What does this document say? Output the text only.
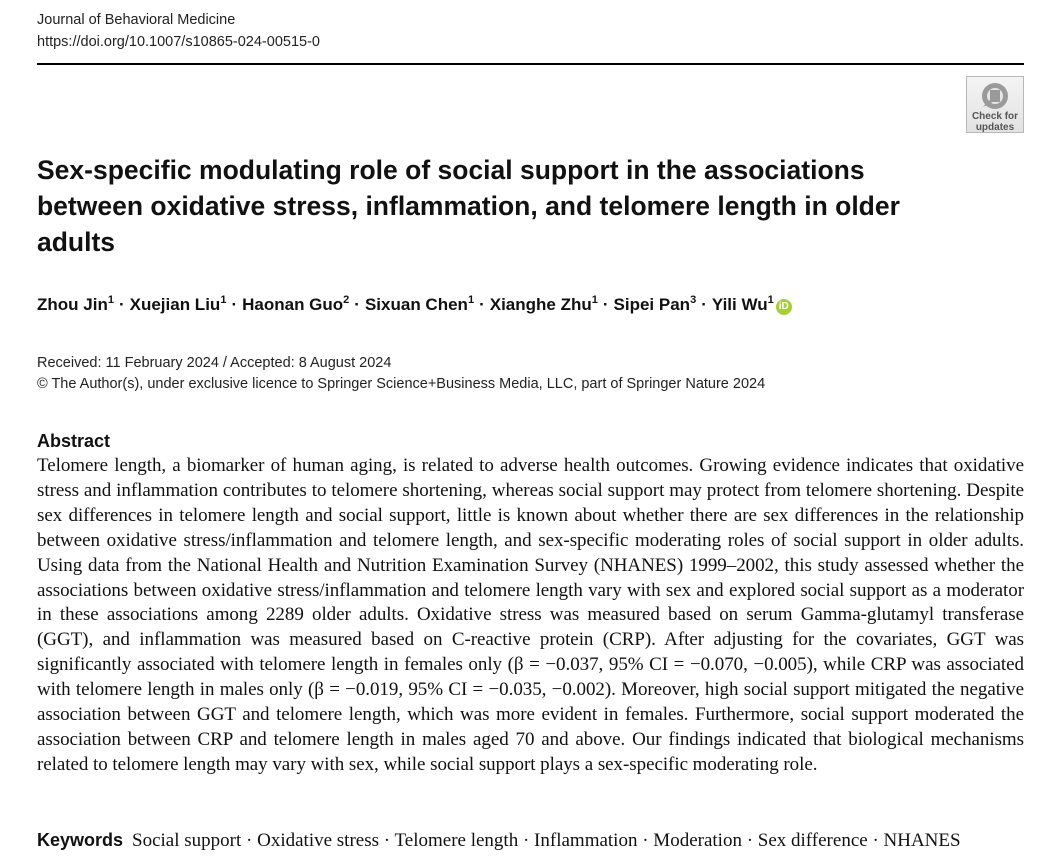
Journal of Behavioral Medicine
https://doi.org/10.1007/s10865-024-00515-0
Check for
updates
Sex-specific modulating role of social support in the associations between oxidative stress, inflammation, and telomere length in older adults
Zhou Jin$^1$ · Xuejian Liu$^1$ · Haonan Guo$^2$ · Sixuan Chen$^1$ · Xianghe Zhu$^1$ · Sipei Pan$^3$ · Yili Wu$^1$iD
Received: 11 February 2024 / Accepted: 8 August 2024
© The Author(s), under exclusive licence to Springer Science+Business Media, LLC, part of Springer Nature 2024
Abstract

Telomere length, a biomarker of human aging, is related to adverse health outcomes. Growing evidence indicates that oxidative stress and inflammation contributes to telomere shortening, whereas social support may protect from telomere shortening. Despite sex differences in telomere length and social support, little is known about whether there are sex differences in the relationship between oxidative stress/inflammation and telomere length, and sex-specific moderating roles of social support in older adults. Using data from the National Health and Nutrition Examination Survey (NHANES) 1999–2002, this study assessed whether the associations between oxidative stress/inflammation and telomere length vary with sex and explored social support as a moderator in these associations among 2289 older adults. Oxidative stress was measured based on serum Gamma-glutamyl transferase (GGT), and inflammation was measured based on C-reactive protein (CRP). After adjusting for the covariates, GGT was significantly associated with telomere length in females only (β = −0.037, 95% CI = −0.070, −0.005), while CRP was associated with telomere length in males only (β = −0.019, 95% CI = −0.035, −0.002). Moreover, high social support mitigated the negative association between GGT and telomere length, which was more evident in females. Furthermore, social support moderated the association between CRP and telomere length in males aged 70 and above. Our findings indicated that biological mechanisms related to telomere length may vary with sex, while social support plays a sex-specific moderating role.

Keywords Social support · Oxidative stress · Telomere length · Inflammation · Moderation · Sex difference · NHANES
